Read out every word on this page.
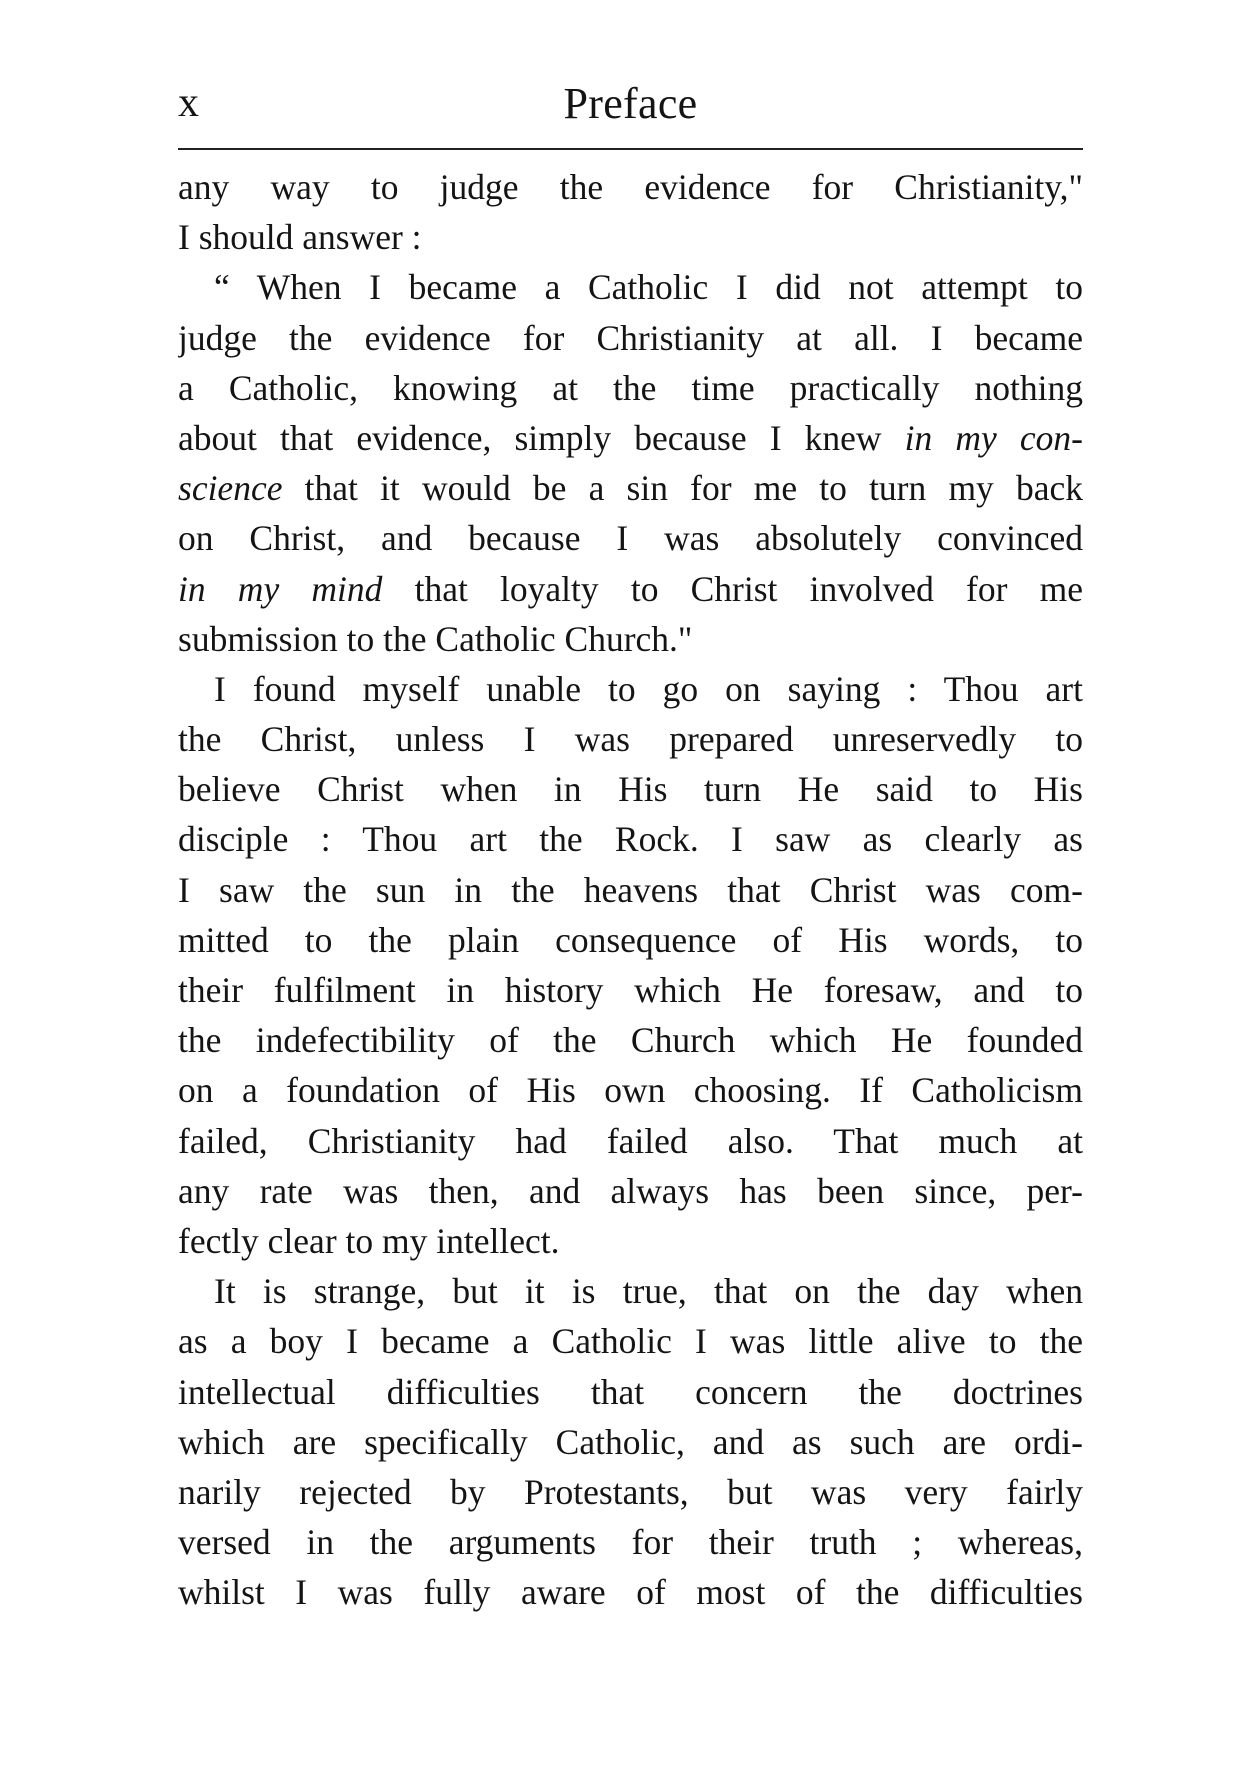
x	Preface
any way to judge the evidence for Christianity,"
I should answer :
“ When I became a Catholic I did not attempt to
judge the evidence for Christianity at all. I became
a Catholic, knowing at the time practically nothing
about that evidence, simply because I knew in my con-
science that it would be a sin for me to turn my back
on Christ, and because I was absolutely convinced
in my mind that loyalty to Christ involved for me
submission to the Catholic Church."
I found myself unable to go on saying : Thou art
the Christ, unless I was prepared unreservedly to
believe Christ when in His turn He said to His
disciple : Thou art the Rock. I saw as clearly as
I saw the sun in the heavens that Christ was com-
mitted to the plain consequence of His words, to
their fulfilment in history which He foresaw, and to
the indefectibility of the Church which He founded
on a foundation of His own choosing. If Catholicism
failed, Christianity had failed also. That much at
any rate was then, and always has been since, per-
fectly clear to my intellect.
It is strange, but it is true, that on the day when
as a boy I became a Catholic I was little alive to the
intellectual difficulties that concern the doctrines
which are specifically Catholic, and as such are ordi-
narily rejected by Protestants, but was very fairly
versed in the arguments for their truth ; whereas,
whilst I was fully aware of most of the difficulties
